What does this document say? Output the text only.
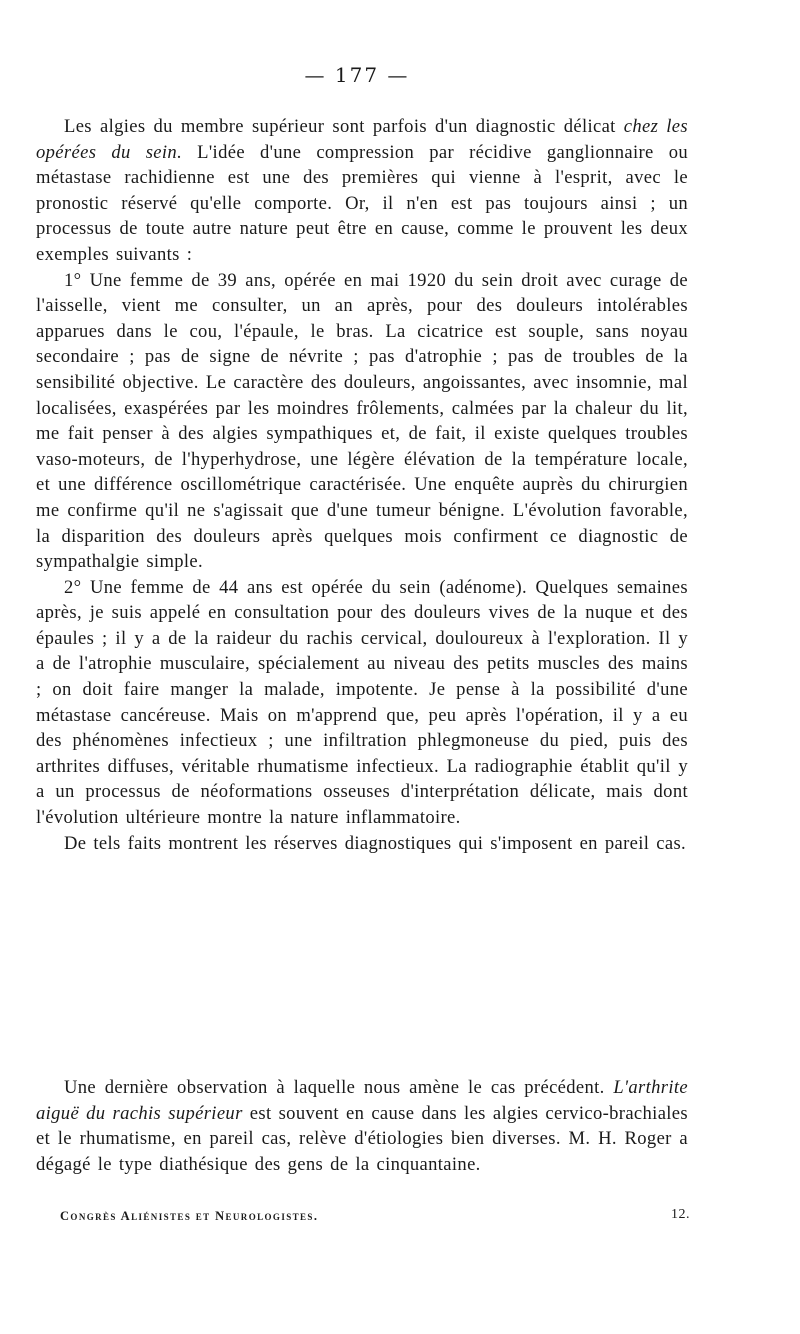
— 177 —

Les algies du membre supérieur sont parfois d'un diagnostic délicat chez les opérées du sein. L'idée d'une compression par récidive ganglionnaire ou métastase rachidienne est une des premières qui vienne à l'esprit, avec le pronostic réservé qu'elle comporte. Or, il n'en est pas toujours ainsi ; un processus de toute autre nature peut être en cause, comme le prouvent les deux exemples suivants :

1° Une femme de 39 ans, opérée en mai 1920 du sein droit avec curage de l'aisselle, vient me consulter, un an après, pour des douleurs intolérables apparues dans le cou, l'épaule, le bras. La cicatrice est souple, sans noyau secondaire ; pas de signe de névrite ; pas d'atrophie ; pas de troubles de la sensibilité objective. Le caractère des douleurs, angoissantes, avec insomnie, mal localisées, exaspérées par les moindres frôlements, calmées par la chaleur du lit, me fait penser à des algies sympathiques et, de fait, il existe quelques troubles vaso-moteurs, de l'hyperhydrose, une légère élévation de la température locale, et une différence oscillométrique caractérisée. Une enquête auprès du chirurgien me confirme qu'il ne s'agissait que d'une tumeur bénigne. L'évolution favorable, la disparition des douleurs après quelques mois confirment ce diagnostic de sympathalgie simple.

2° Une femme de 44 ans est opérée du sein (adénome). Quelques semaines après, je suis appelé en consultation pour des douleurs vives de la nuque et des épaules ; il y a de la raideur du rachis cervical, douloureux à l'exploration. Il y a de l'atrophie musculaire, spécialement au niveau des petits muscles des mains ; on doit faire manger la malade, impotente. Je pense à la possibilité d'une métastase cancéreuse. Mais on m'apprend que, peu après l'opération, il y a eu des phénomènes infectieux ; une infiltration phlegmoneuse du pied, puis des arthrites diffuses, véritable rhumatisme infectieux. La radiographie établit qu'il y a un processus de néoformations osseuses d'interprétation délicate, mais dont l'évolution ultérieure montre la nature inflammatoire.

De tels faits montrent les réserves diagnostiques qui s'imposent en pareil cas.

Une dernière observation à laquelle nous amène le cas précédent. L'arthrite aiguë du rachis supérieur est souvent en cause dans les algies cervico-brachiales et le rhumatisme, en pareil cas, relève d'étiologies bien diverses. M. H. Roger a dégagé le type diathésique des gens de la cinquantaine.

Congrès Aliénistes et Neurologistes.	12.
